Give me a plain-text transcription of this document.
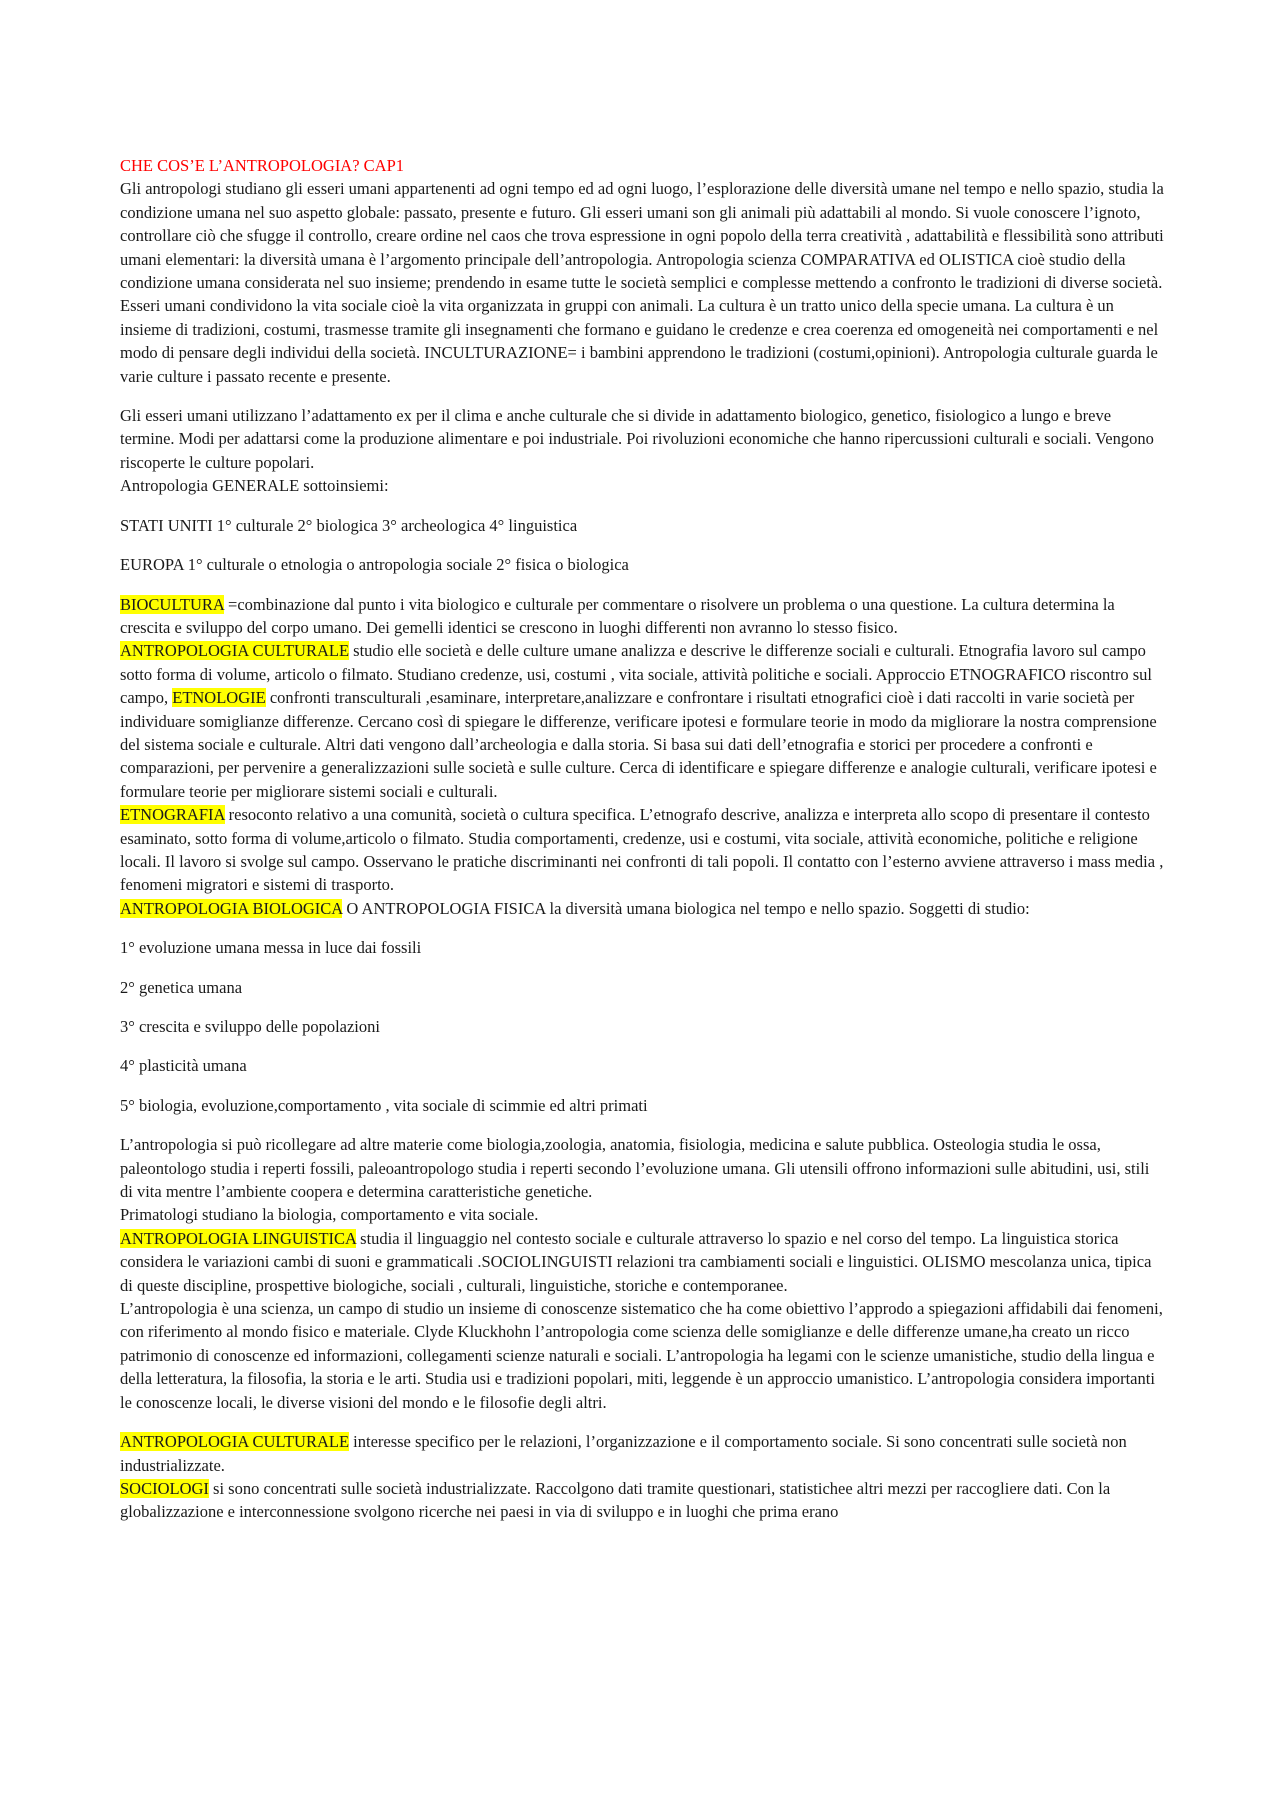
CHE COS’E L’ANTROPOLOGIA? CAP1

Gli antropologi studiano gli esseri umani appartenenti ad ogni tempo ed ad ogni luogo, l’esplorazione delle diversità umane nel tempo e nello spazio, studia la condizione umana nel suo aspetto globale: passato, presente e futuro. Gli esseri umani son gli animali più adattabili al mondo. Si vuole conoscere l’ignoto, controllare ciò che sfugge il controllo, creare ordine nel caos che trova espressione in ogni popolo della terra creatività , adattabilità e flessibilità sono attributi umani elementari: la diversità umana è l’argomento principale dell’antropologia. Antropologia scienza COMPARATIVA ed OLISTICA cioè studio della condizione umana considerata nel suo insieme; prendendo in esame tutte le società semplici e complesse mettendo a confronto le tradizioni di diverse società. Esseri umani condividono la vita sociale cioè la vita organizzata in gruppi con animali. La cultura è un tratto unico della specie umana. La cultura è un insieme di tradizioni, costumi, trasmesse tramite gli insegnamenti che formano e guidano le credenze e crea coerenza ed omogeneità nei comportamenti e nel modo di pensare degli individui della società. INCULTURAZIONE= i bambini apprendono le tradizioni (costumi,opinioni). Antropologia culturale guarda le varie culture i passato recente e presente.

Gli esseri umani utilizzano l’adattamento ex per il clima e anche culturale che si divide in adattamento biologico, genetico, fisiologico a lungo e breve termine. Modi per adattarsi come la produzione alimentare e poi industriale. Poi rivoluzioni economiche che hanno ripercussioni culturali e sociali. Vengono riscoperte le culture popolari.

Antropologia GENERALE sottoinsiemi:

STATI UNITI 1° culturale 2° biologica 3° archeologica 4° linguistica

EUROPA 1° culturale o etnologia o antropologia sociale 2° fisica o biologica

BIOCULTURA =combinazione dal punto i vita biologico e culturale per commentare o risolvere un problema o una questione. La cultura determina la crescita e sviluppo del corpo umano. Dei gemelli identici se crescono in luoghi differenti non avranno lo stesso fisico.

ANTROPOLOGIA CULTURALE studio elle società e delle culture umane analizza e descrive le differenze sociali e culturali. Etnografia lavoro sul campo sotto forma di volume, articolo o filmato. Studiano credenze, usi, costumi , vita sociale, attività politiche e sociali. Approccio ETNOGRAFICO riscontro sul campo, ETNOLOGIE confronti transculturali ,esaminare, interpretare,analizzare e confrontare i risultati etnografici cioè i dati raccolti in varie società per individuare somiglianze differenze. Cercano così di spiegare le differenze, verificare ipotesi e formulare teorie in modo da migliorare la nostra comprensione del sistema sociale e culturale. Altri dati vengono dall’archeologia e dalla storia. Si basa sui dati dell’etnografia e storici per procedere a confronti e comparazioni, per pervenire a generalizzazioni sulle società e sulle culture. Cerca di identificare e spiegare differenze e analogie culturali, verificare ipotesi e formulare teorie per migliorare sistemi sociali e culturali.

ETNOGRAFIA resoconto relativo a una comunità, società o cultura specifica. L’etnografo descrive, analizza e interpreta allo scopo di presentare il contesto esaminato, sotto forma di volume,articolo o filmato. Studia comportamenti, credenze, usi e costumi, vita sociale, attività economiche, politiche e religione locali. Il lavoro si svolge sul campo. Osservano le pratiche discriminanti nei confronti di tali popoli. Il contatto con l’esterno avviene attraverso i mass media , fenomeni migratori e sistemi di trasporto.

ANTROPOLOGIA BIOLOGICA O ANTROPOLOGIA FISICA la diversità umana biologica nel tempo e nello spazio. Soggetti di studio:

1° evoluzione umana messa in luce dai fossili

2° genetica umana

3° crescita e sviluppo delle popolazioni

4° plasticità umana

5° biologia, evoluzione,comportamento , vita sociale di scimmie ed altri primati

L’antropologia si può ricollegare ad altre materie come biologia,zoologia, anatomia, fisiologia, medicina e salute pubblica. Osteologia studia le ossa, paleontologo studia i reperti fossili, paleoantropologo studia i reperti secondo l’evoluzione umana. Gli utensili offrono informazioni sulle abitudini, usi, stili di vita mentre l’ambiente coopera e determina caratteristiche genetiche.

Primatologi studiano la biologia, comportamento e vita sociale.

ANTROPOLOGIA LINGUISTICA studia il linguaggio nel contesto sociale e culturale attraverso lo spazio e nel corso del tempo. La linguistica storica considera le variazioni cambi di suoni e grammaticali .SOCIOLINGUISTI relazioni tra cambiamenti sociali e linguistici. OLISMO mescolanza unica, tipica di queste discipline, prospettive biologiche, sociali , culturali, linguistiche, storiche e contemporanee.

L’antropologia è una scienza, un campo di studio un insieme di conoscenze sistematico che ha come obiettivo l’approdo a spiegazioni affidabili dai fenomeni, con riferimento al mondo fisico e materiale. Clyde Kluckhohn l’antropologia come scienza delle somiglianze e delle differenze umane,ha creato un ricco patrimonio di conoscenze ed informazioni, collegamenti scienze naturali e sociali. L’antropologia ha legami con le scienze umanistiche, studio della lingua e della letteratura, la filosofia, la storia e le arti. Studia usi e tradizioni popolari, miti, leggende è un approccio umanistico. L’antropologia considera importanti le conoscenze locali, le diverse visioni del mondo e le filosofie degli altri.

ANTROPOLOGIA CULTURALE interesse specifico per le relazioni, l’organizzazione e il comportamento sociale. Si sono concentrati sulle società non industrializzate.

SOCIOLOGI si sono concentrati sulle società industrializzate. Raccolgono dati tramite questionari, statistichee altri mezzi per raccogliere dati. Con la globalizzazione e interconnessione svolgono ricerche nei paesi in via di sviluppo e in luoghi che prima erano
